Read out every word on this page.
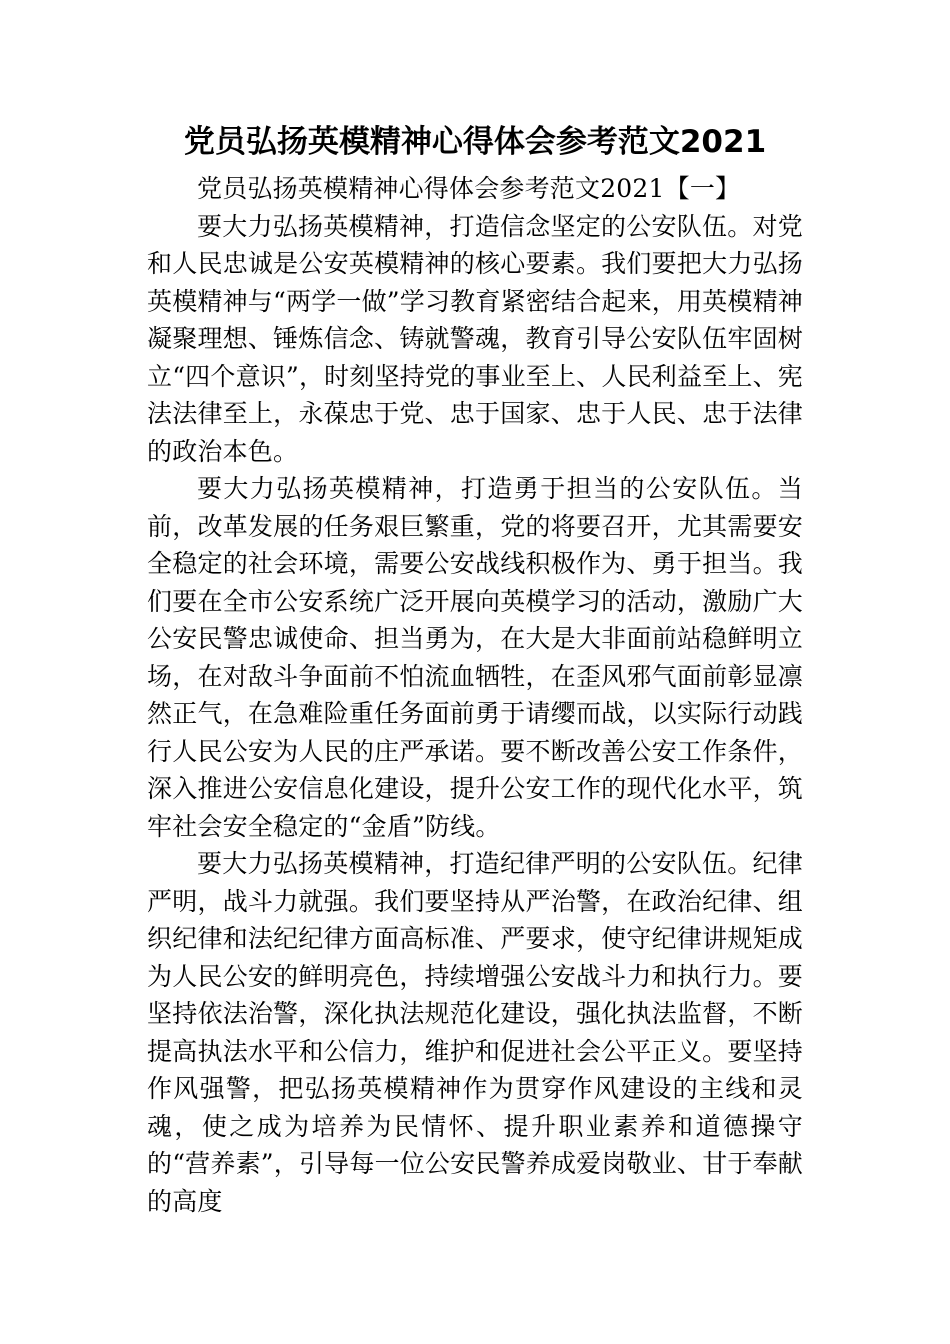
党员弘扬英模精神心得体会参考范文2021

党员弘扬英模精神心得体会参考范文2021【一】

要大力弘扬英模精神，打造信念坚定的公安队伍。对党和人民忠诚是公安英模精神的核心要素。我们要把大力弘扬英模精神与“两学一做”学习教育紧密结合起来，用英模精神凝聚理想、锤炼信念、铸就警魂，教育引导公安队伍牢固树立“四个意识”，时刻坚持党的事业至上、人民利益至上、宪法法律至上，永葆忠于党、忠于国家、忠于人民、忠于法律的政治本色。

要大力弘扬英模精神，打造勇于担当的公安队伍。当前，改革发展的任务艰巨繁重，党的将要召开，尤其需要安全稳定的社会环境，需要公安战线积极作为、勇于担当。我们要在全市公安系统广泛开展向英模学习的活动，激励广大公安民警忠诚使命、担当勇为，在大是大非面前站稳鲜明立场，在对敌斗争面前不怕流血牺牲，在歪风邪气面前彰显凛然正气，在急难险重任务面前勇于请缨而战，以实际行动践行人民公安为人民的庄严承诺。要不断改善公安工作条件，深入推进公安信息化建设，提升公安工作的现代化水平，筑牢社会安全稳定的“金盾”防线。

要大力弘扬英模精神，打造纪律严明的公安队伍。纪律严明，战斗力就强。我们要坚持从严治警，在政治纪律、组织纪律和法纪纪律方面高标准、严要求，使守纪律讲规矩成为人民公安的鲜明亮色，持续增强公安战斗力和执行力。要坚持依法治警，深化执法规范化建设，强化执法监督，不断提高执法水平和公信力，维护和促进社会公平正义。要坚持作风强警，把弘扬英模精神作为贯穿作风建设的主线和灵魂，使之成为培养为民情怀、提升职业素养和道德操守的“营养素”，引导每一位公安民警养成爱岗敬业、甘于奉献的高度
